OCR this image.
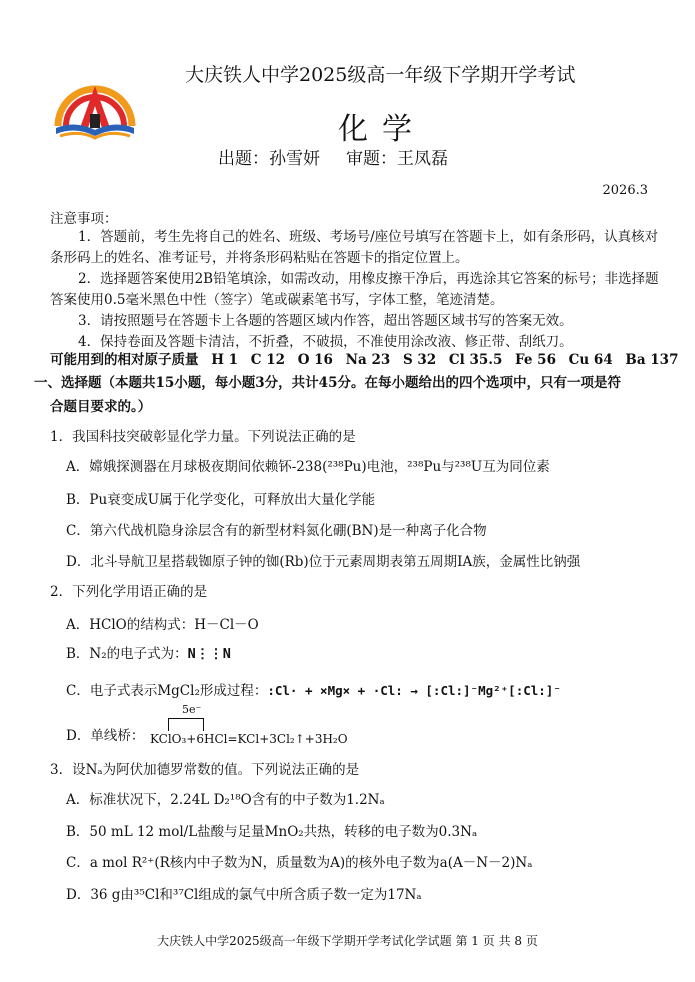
大庆铁人中学2025级高一年级下学期开学考试
化学
出题：孙雪妍 审题：王凤磊
2026.3
注意事项：
1．答题前，考生先将自己的姓名、班级、考场号/座位号填写在答题卡上，如有条形码，认真核对条形码上的姓名、准考证号，并将条形码粘贴在答题卡的指定位置上。
2．选择题答案使用2B铅笔填涂，如需改动，用橡皮擦干净后，再选涂其它答案的标号；非选择题答案使用0.5毫米黑色中性（签字）笔或碳素笔书写，字体工整，笔迹清楚。
3．请按照题号在答题卡上各题的答题区域内作答，超出答题区域书写的答案无效。
4．保持卷面及答题卡清洁，不折叠，不破损，不准使用涂改液、修正带、刮纸刀。
可能用到的相对原子质量 H 1 C 12 O 16 Na 23 S 32 Cl 35.5 Fe 56 Cu 64 Ba 137
一、选择题（本题共15小题，每小题3分，共计45分。在每小题给出的四个选项中，只有一项是符
合题目要求的。）
1．我国科技突破彰显化学力量。下列说法正确的是
A．嫦娥探测器在月球极夜期间依赖钚-238(²³⁸Pu)电池，²³⁸Pu与²³⁸U互为同位素
B．Pu衰变成U属于化学变化，可释放出大量化学能
C．第六代战机隐身涂层含有的新型材料氮化硼(BN)是一种离子化合物
D．北斗导航卫星搭载铷原子钟的铷(Rb)位于元素周期表第五周期IA族，金属性比钠强
2．下列化学用语正确的是
A．HClO的结构式：H－Cl－O
B．N₂的电子式为：N⋮⋮N
C．电子式表示MgCl₂形成过程：:Cl· + ×Mg× + ·Cl: → [:Cl:]⁻Mg²⁺[:Cl:]⁻
D．单线桥：
5e⁻
KClO₃+6HCl=KCl+3Cl₂↑+3H₂O
3．设Nₐ为阿伏加德罗常数的值。下列说法正确的是
A．标准状况下，2.24L D₂¹⁸O含有的中子数为1.2Nₐ
B．50 mL 12 mol/L盐酸与足量MnO₂共热，转移的电子数为0.3Nₐ
C．a mol R²⁺(R核内中子数为N，质量数为A)的核外电子数为a(A－N－2)Nₐ
D．36 g由³⁵Cl和³⁷Cl组成的氯气中所含质子数一定为17Nₐ
大庆铁人中学2025级高一年级下学期开学考试化学试题 第 1 页 共 8 页
